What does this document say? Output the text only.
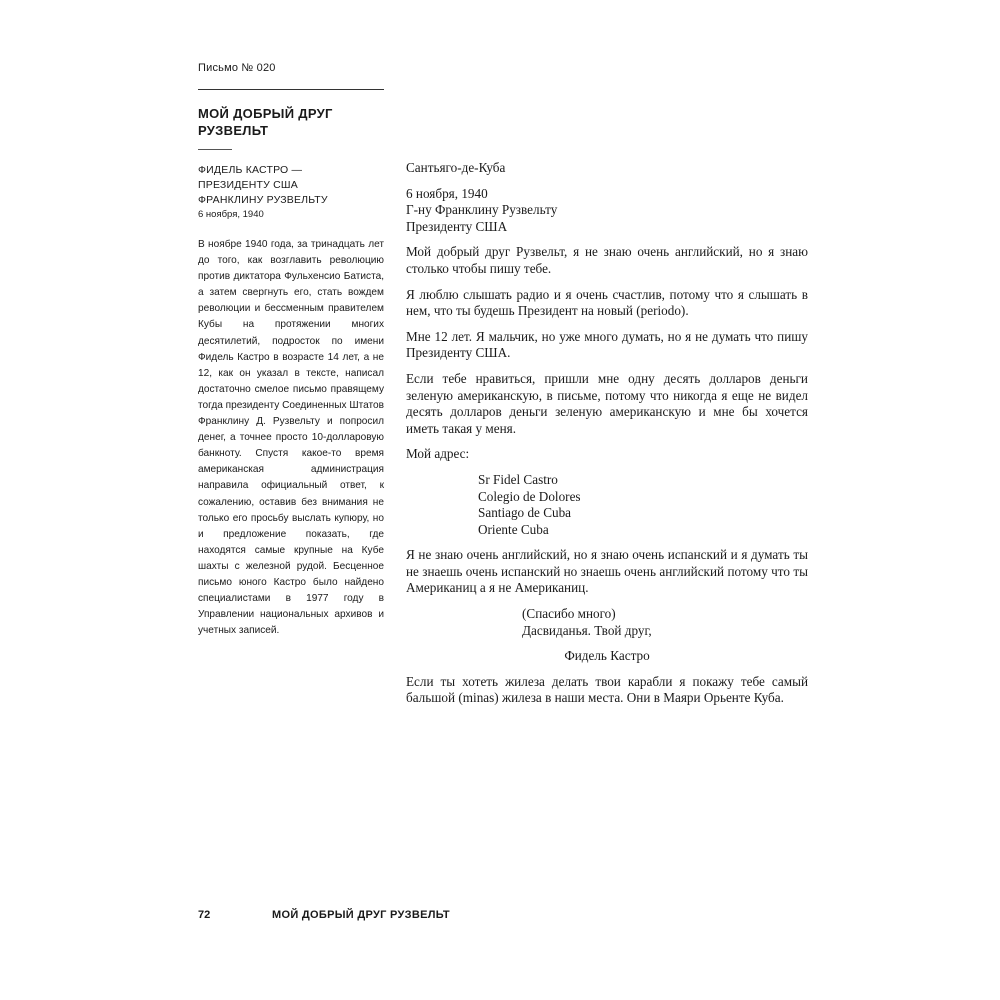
Письмо № 020
МОЙ ДОБРЫЙ ДРУГ
РУЗВЕЛЬТ
ФИДЕЛЬ КАСТРО —
ПРЕЗИДЕНТУ США
ФРАНКЛИНУ РУЗВЕЛЬТУ
6 ноября, 1940
В ноябре 1940 года, за тринадцать лет до того, как возглавить революцию против диктатора Фульхенсио Батиста, а затем свергнуть его, стать вождем революции и бессменным правителем Кубы на протяжении многих десятилетий, подросток по имени Фидель Кастро в возрасте 14 лет, а не 12, как он указал в тексте, написал достаточно смелое письмо правящему тогда президенту Соединенных Штатов Франклину Д. Рузвельту и попросил денег, а точнее просто 10-долларовую банкноту. Спустя какое-то время американская администрация направила официальный ответ, к сожалению, оставив без внимания не только его просьбу выслать купюру, но и предложение показать, где находятся самые крупные на Кубе шахты с железной рудой. Бесценное письмо юного Кастро было найдено специалистами в 1977 году в Управлении национальных архивов и учетных записей.

Сантьяго-де-Куба

6 ноября, 1940
Г-ну Франклину Рузвельту
Президенту США

Мой добрый друг Рузвельт, я не знаю очень английский, но я знаю столько чтобы пишу тебе.

Я люблю слышать радио и я очень счастлив, потому что я слышать в нем, что ты будешь Президент на новый (periodo).

Мне 12 лет. Я мальчик, но уже много думать, но я не думать что пишу Президенту США.

Если тебе нравиться, пришли мне одну десять долларов деньги зеленую американскую, в письме, потому что никогда я еще не видел десять долларов деньги зеленую американскую и мне бы хочется иметь такая у меня.

Мой адрес:

Sr Fidel Castro
Colegio de Dolores
Santiago de Cuba
Oriente Cuba

Я не знаю очень английский, но я знаю очень испанский и я думать ты не знаешь очень испанский но знаешь очень английский потому что ты Американиц а я не Американиц.

(Спасибо много)
Дасвиданья. Твой друг,
Фидель Кастро

Если ты хотеть жилеза делать твои карабли я покажу тебе самый бальшой (minas) жилеза в наши места. Они в Маяри Орьенте Куба.

72	МОЙ ДОБРЫЙ ДРУГ РУЗВЕЛЬТ
